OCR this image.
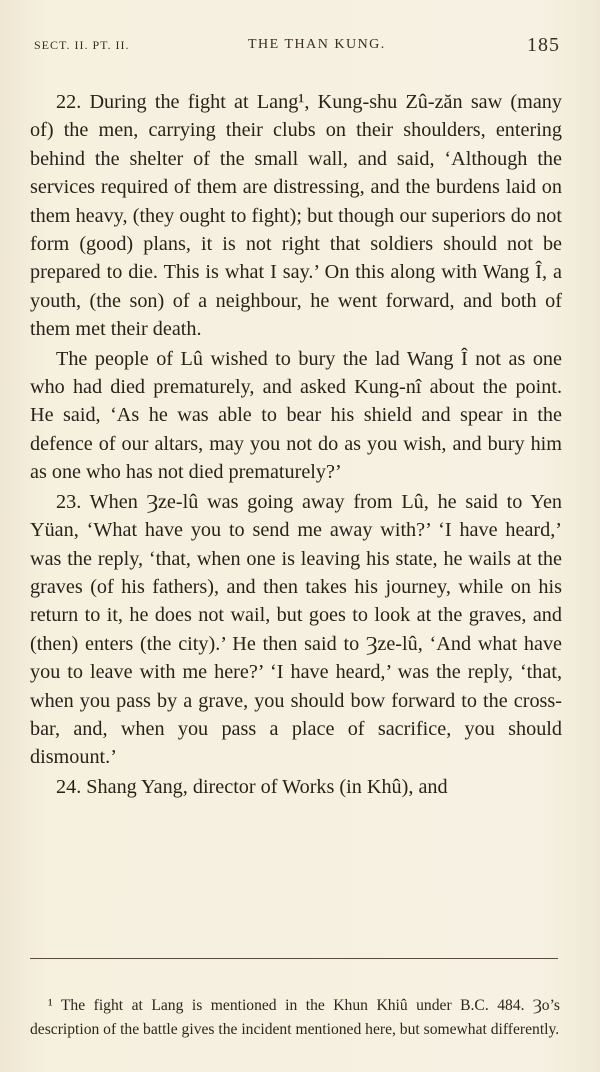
SECT. II. PT. II.	THE THAN KUNG.	185

22. During the fight at Lang¹, Kung-shu Zû-zăn saw (many of) the men, carrying their clubs on their shoulders, entering behind the shelter of the small wall, and said, ‘Although the services required of them are distressing, and the burdens laid on them heavy, (they ought to fight); but though our superiors do not form (good) plans, it is not right that soldiers should not be prepared to die. This is what I say.’ On this along with Wang Î, a youth, (the son) of a neighbour, he went forward, and both of them met their death.

The people of Lû wished to bury the lad Wang Î not as one who had died prematurely, and asked Kung-nî about the point. He said, ‘As he was able to bear his shield and spear in the defence of our altars, may you not do as you wish, and bury him as one who has not died prematurely?’

23. When Ȝze-lû was going away from Lû, he said to Yen Yüan, ‘What have you to send me away with?’ ‘I have heard,’ was the reply, ‘that, when one is leaving his state, he wails at the graves (of his fathers), and then takes his journey, while on his return to it, he does not wail, but goes to look at the graves, and (then) enters (the city).’ He then said to Ȝze-lû, ‘And what have you to leave with me here?’ ‘I have heard,’ was the reply, ‘that, when you pass by a grave, you should bow forward to the cross-bar, and, when you pass a place of sacrifice, you should dismount.’

24. Shang Yang, director of Works (in Khû), and

¹ The fight at Lang is mentioned in the Khun Khiû under B.C. 484. Ȝo’s description of the battle gives the incident mentioned here, but somewhat differently.
